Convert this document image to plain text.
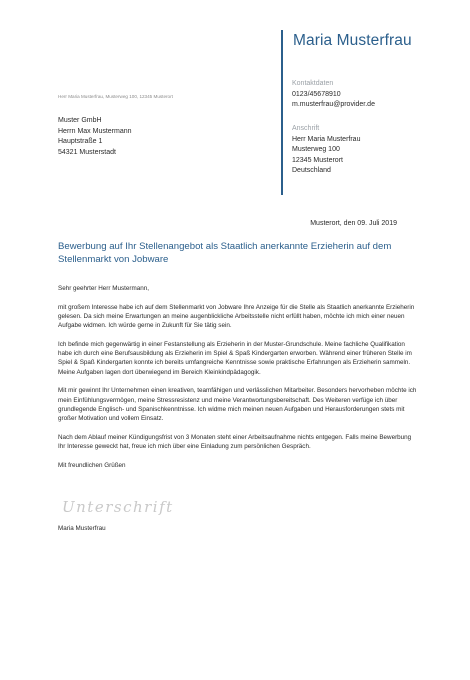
Maria Musterfrau
Kontaktdaten
0123/45678910
m.musterfrau@provider.de
Anschrift
Herr Maria Musterfrau
Musterweg 100
12345 Musterort
Deutschland
Herr Maria Musterfrau, Musterweg 100, 12345 Musterort
Muster GmbH
Herrn Max Mustermann
Hauptstraße 1
54321 Musterstadt
Musterort, den 09. Juli 2019
Bewerbung auf Ihr Stellenangebot als Staatlich anerkannte Erzieherin auf dem Stellenmarkt von Jobware

Sehr geehrter Herr Mustermann,

mit großem Interesse habe ich auf dem Stellenmarkt von Jobware Ihre Anzeige für die Stelle als Staatlich anerkannte Erzieherin gelesen. Da sich meine Erwartungen an meine augenblickliche Arbeitsstelle nicht erfüllt haben, möchte ich mich einer neuen Aufgabe widmen. Ich würde gerne in Zukunft für Sie tätig sein.

Ich befinde mich gegenwärtig in einer Festanstellung als Erzieherin in der Muster-Grundschule. Meine fachliche Qualifikation habe ich durch eine Berufsausbildung als Erzieherin im Spiel & Spaß Kindergarten erworben. Während einer früheren Stelle im Spiel & Spaß Kindergarten konnte ich bereits umfangreiche Kenntnisse sowie praktische Erfahrungen als Erzieherin sammeln. Meine Aufgaben lagen dort überwiegend im Bereich Kleinkindpädagogik.

Mit mir gewinnt Ihr Unternehmen einen kreativen, teamfähigen und verlässlichen Mitarbeiter. Besonders hervorheben möchte ich mein Einfühlungsvermögen, meine Stressresistenz und meine Verantwortungsbereitschaft. Des Weiteren verfüge ich über grundlegende Englisch- und Spanischkenntnisse. Ich widme mich meinen neuen Aufgaben und Herausforderungen stets mit großer Motivation und vollem Einsatz.

Nach dem Ablauf meiner Kündigungsfrist von 3 Monaten steht einer Arbeitsaufnahme nichts entgegen. Falls meine Bewerbung Ihr Interesse geweckt hat, freue ich mich über eine Einladung zum persönlichen Gespräch.

Mit freundlichen Grüßen

Unterschrift
Maria Musterfrau
